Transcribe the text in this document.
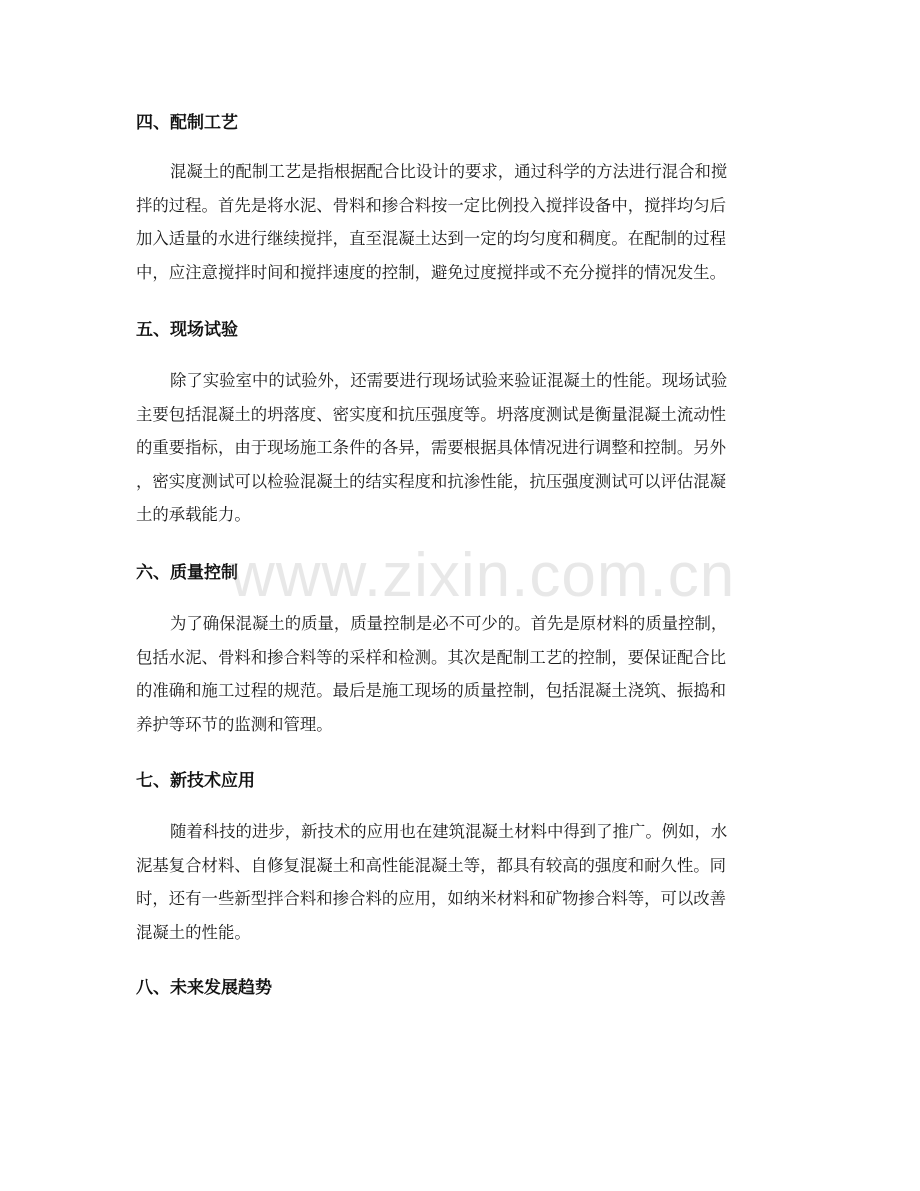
四、配制工艺
混凝土的配制工艺是指根据配合比设计的要求，通过科学的方法进行混合和搅
拌的过程。首先是将水泥、骨料和掺合料按一定比例投入搅拌设备中，搅拌均匀后
加入适量的水进行继续搅拌，直至混凝土达到一定的均匀度和稠度。在配制的过程
中，应注意搅拌时间和搅拌速度的控制，避免过度搅拌或不充分搅拌的情况发生。
五、现场试验
除了实验室中的试验外，还需要进行现场试验来验证混凝土的性能。现场试验
主要包括混凝土的坍落度、密实度和抗压强度等。坍落度测试是衡量混凝土流动性
的重要指标，由于现场施工条件的各异，需要根据具体情况进行调整和控制。另外
，密实度测试可以检验混凝土的结实程度和抗渗性能，抗压强度测试可以评估混凝
土的承载能力。
六、质量控制
为了确保混凝土的质量，质量控制是必不可少的。首先是原材料的质量控制，
包括水泥、骨料和掺合料等的采样和检测。其次是配制工艺的控制，要保证配合比
的准确和施工过程的规范。最后是施工现场的质量控制，包括混凝土浇筑、振捣和
养护等环节的监测和管理。
七、新技术应用
随着科技的进步，新技术的应用也在建筑混凝土材料中得到了推广。例如，水
泥基复合材料、自修复混凝土和高性能混凝土等，都具有较高的强度和耐久性。同
时，还有一些新型拌合料和掺合料的应用，如纳米材料和矿物掺合料等，可以改善
混凝土的性能。
八、未来发展趋势
www.zixin.com.cn
